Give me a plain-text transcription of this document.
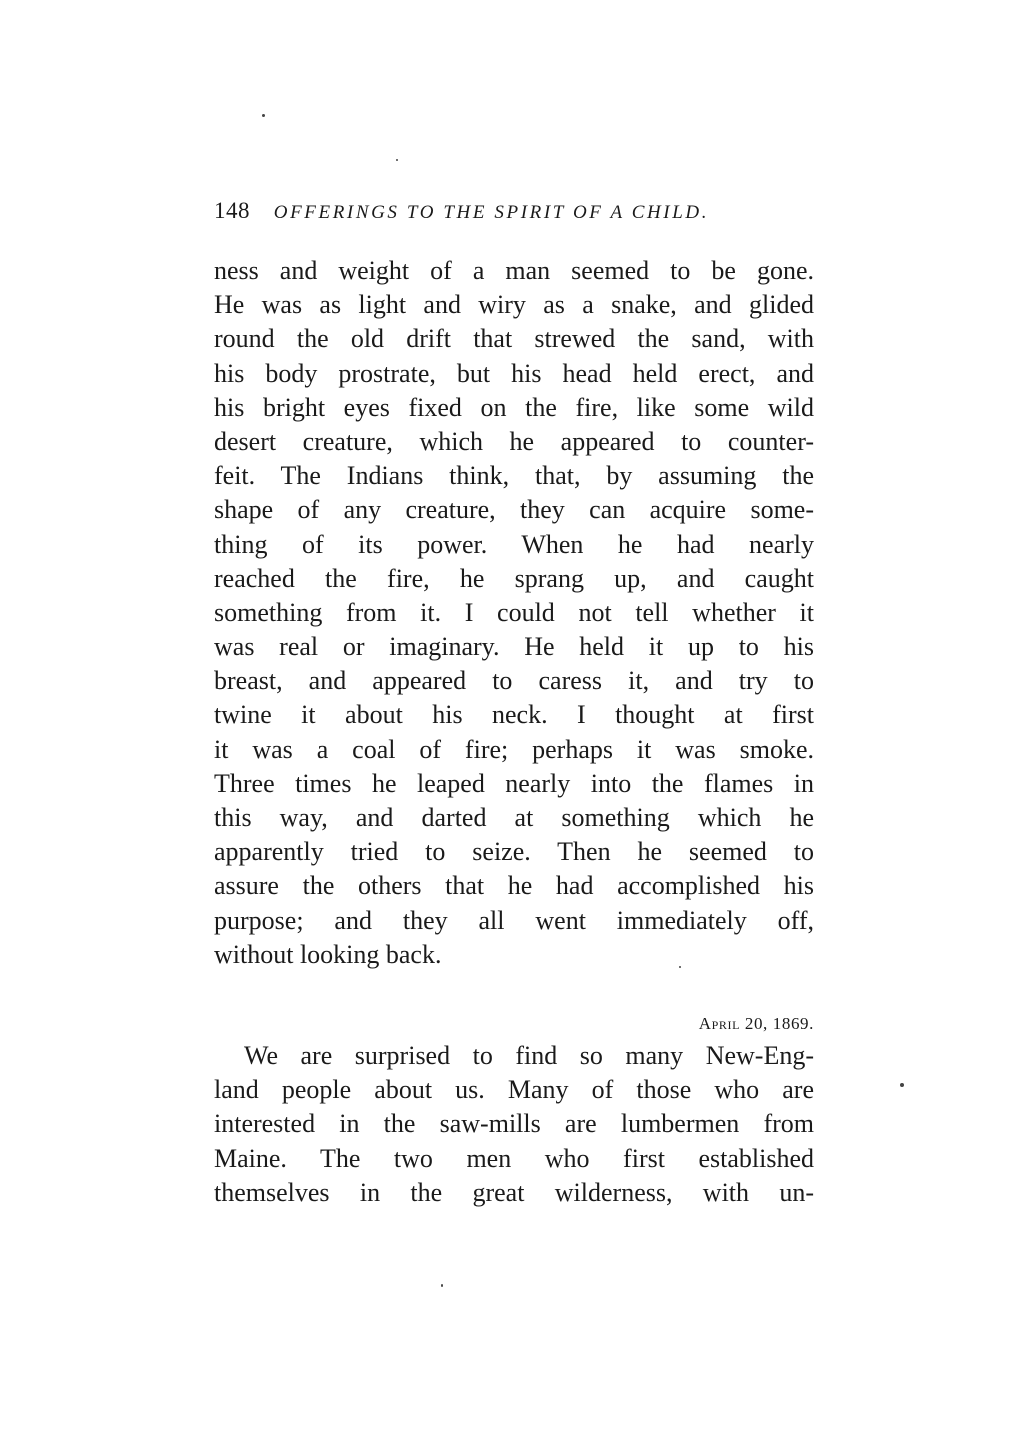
148 OFFERINGS TO THE SPIRIT OF A CHILD.
ness and weight of a man seemed to be gone.
He was as light and wiry as a snake, and glided
round the old drift that strewed the sand, with
his body prostrate, but his head held erect, and
his bright eyes fixed on the fire, like some wild
desert creature, which he appeared to counter-
feit. The Indians think, that, by assuming the
shape of any creature, they can acquire some-
thing of its power. When he had nearly
reached the fire, he sprang up, and caught
something from it. I could not tell whether it
was real or imaginary. He held it up to his
breast, and appeared to caress it, and try to
twine it about his neck. I thought at first
it was a coal of fire; perhaps it was smoke.
Three times he leaped nearly into the flames in
this way, and darted at something which he
apparently tried to seize. Then he seemed to
assure the others that he had accomplished his
purpose; and they all went immediately off,
without looking back.
April 20, 1869.
We are surprised to find so many New-Eng-
land people about us. Many of those who are
interested in the saw-mills are lumbermen from
Maine. The two men who first established
themselves in the great wilderness, with un-
